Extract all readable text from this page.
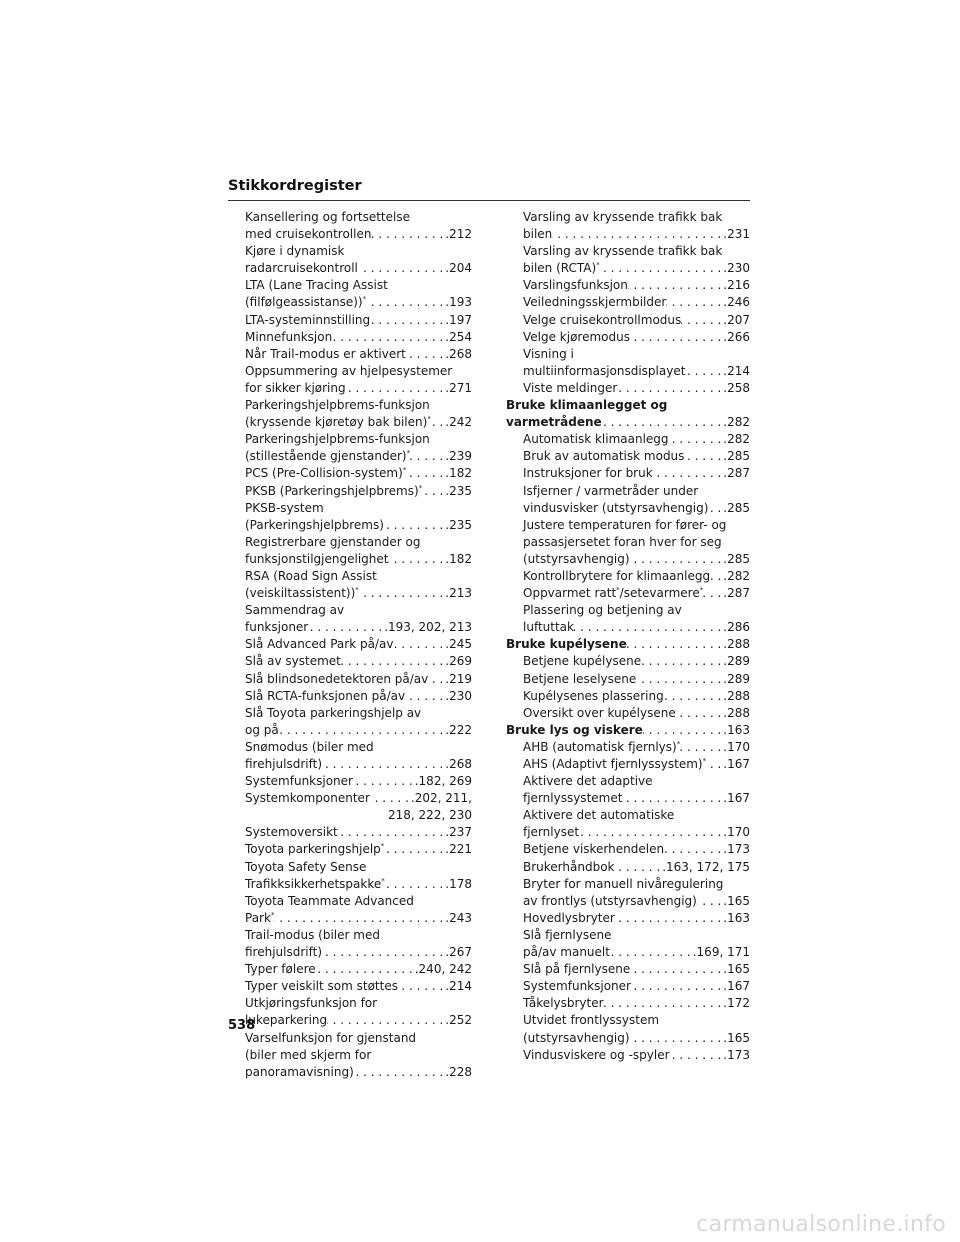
Stikkordregister
Kansellering og fortsettelse
med cruisekontrollen . . .	.212
Kjøre i dynamisk
radarcruisekontroll . . .	.204
LTA (Lane Tracing Assist
(filfølgeassistanse))* . . .	.193
LTA-systeminnstilling . . .	.197
Minnefunksjon . . .	.254
Når Trail-modus er aktivert . . .	.268
Oppsummering av hjelpesystemer
for sikker kjøring . . .	.271
Parkeringshjelpbrems-funksjon
(kryssende kjøretøy bak bilen)* . . . .242
Parkeringshjelpbrems-funksjon
(stillestående gjenstander)* . . .	.239
PCS (Pre-Collision-system)* . . .	.182
PKSB (Parkeringshjelpbrems)* . . . .235
PKSB-system
(Parkeringshjelpbrems) . . .	.235
Registrerbare gjenstander og
funksjonstilgjengelighet . . .	.182
RSA (Road Sign Assist
(veiskiltassistent))* . . .	.213
Sammendrag av
funksjoner . . .	.193, 202, 213
Slå Advanced Park på/av . . .	.245
Slå av systemet . . .	.269
Slå blindsonedetektoren på/av . . . .219
Slå RCTA-funksjonen på/av . . .	.230
Slå Toyota parkeringshjelp av
og på . . .	.222
Snømodus (biler med
firehjulsdrift) . . .	.268
Systemfunksjoner . . .	.182, 269
Systemkomponenter . . .	.202, 211,
218, 222, 230
Systemoversikt . . .	.237
Toyota parkeringshjelp* . . .	.221
Toyota Safety Sense
Trafikksikkerhetspakke* . . .	.178
Toyota Teammate Advanced
Park* . . .	.243
Trail-modus (biler med
firehjulsdrift) . . .	.267
Typer følere . . .	.240, 242
Typer veiskilt som støttes . . .	.214
Utkjøringsfunksjon for
lukeparkering . . .	.252
Varselfunksjon for gjenstand
(biler med skjerm for
panoramavisning) . . .	.228
Varsling av kryssende trafikk bak
bilen . . .	.231
Varsling av kryssende trafikk bak
bilen (RCTA)* . . .	.230
Varslingsfunksjon . . .	.216
Veiledningsskjermbilder . . .	.246
Velge cruisekontrollmodus . . .	.207
Velge kjøremodus . . .	.266
Visning i
multiinformasjonsdisplayet . . .	.214
Viste meldinger . . .	.258
Bruke klimaanlegget og
varmetrådene . . .	.282
Automatisk klimaanlegg . . .	.282
Bruk av automatisk modus . . .	.285
Instruksjoner for bruk . . .	.287
Isfjerner / varmetråder under
vindusvisker (utstyrsavhengig) . . . .285
Justere temperaturen for fører- og
passasjersetet foran hver for seg
(utstyrsavhengig) . . .	.285
Kontrollbrytere for klimaanlegg . . . .282
Oppvarmet ratt*/setevarmere* . . . .287
Plassering og betjening av
luftuttak . . .	.286
Bruke kupélysene . . .	.288
Betjene kupélysene . . .	.289
Betjene leselysene . . .	.289
Kupélysenes plassering . . .	.288
Oversikt over kupélysene . . .	.288
Bruke lys og viskere . . .	.163
AHB (automatisk fjernlys)* . . .	.170
AHS (Adaptivt fjernlyssystem)* . . . .167
Aktivere det adaptive
fjernlyssystemet . . .	.167
Aktivere det automatiske
fjernlyset . . .	.170
Betjene viskerhendelen . . .	.173
Brukerhåndbok . . .	.163, 172, 175
Bryter for manuell nivåregulering
av frontlys (utstyrsavhengig) . . . .165
Hovedlysbryter . . .	.163
Slå fjernlysene
på/av manuelt . . .	.169, 171
Slå på fjernlysene . . .	.165
Systemfunksjoner . . .	.167
Tåkelysbryter . . .	.172
Utvidet frontlyssystem
(utstyrsavhengig) . . .	.165
Vindusviskere og -spyler . . .	.173
538
carmanualsonline.info
